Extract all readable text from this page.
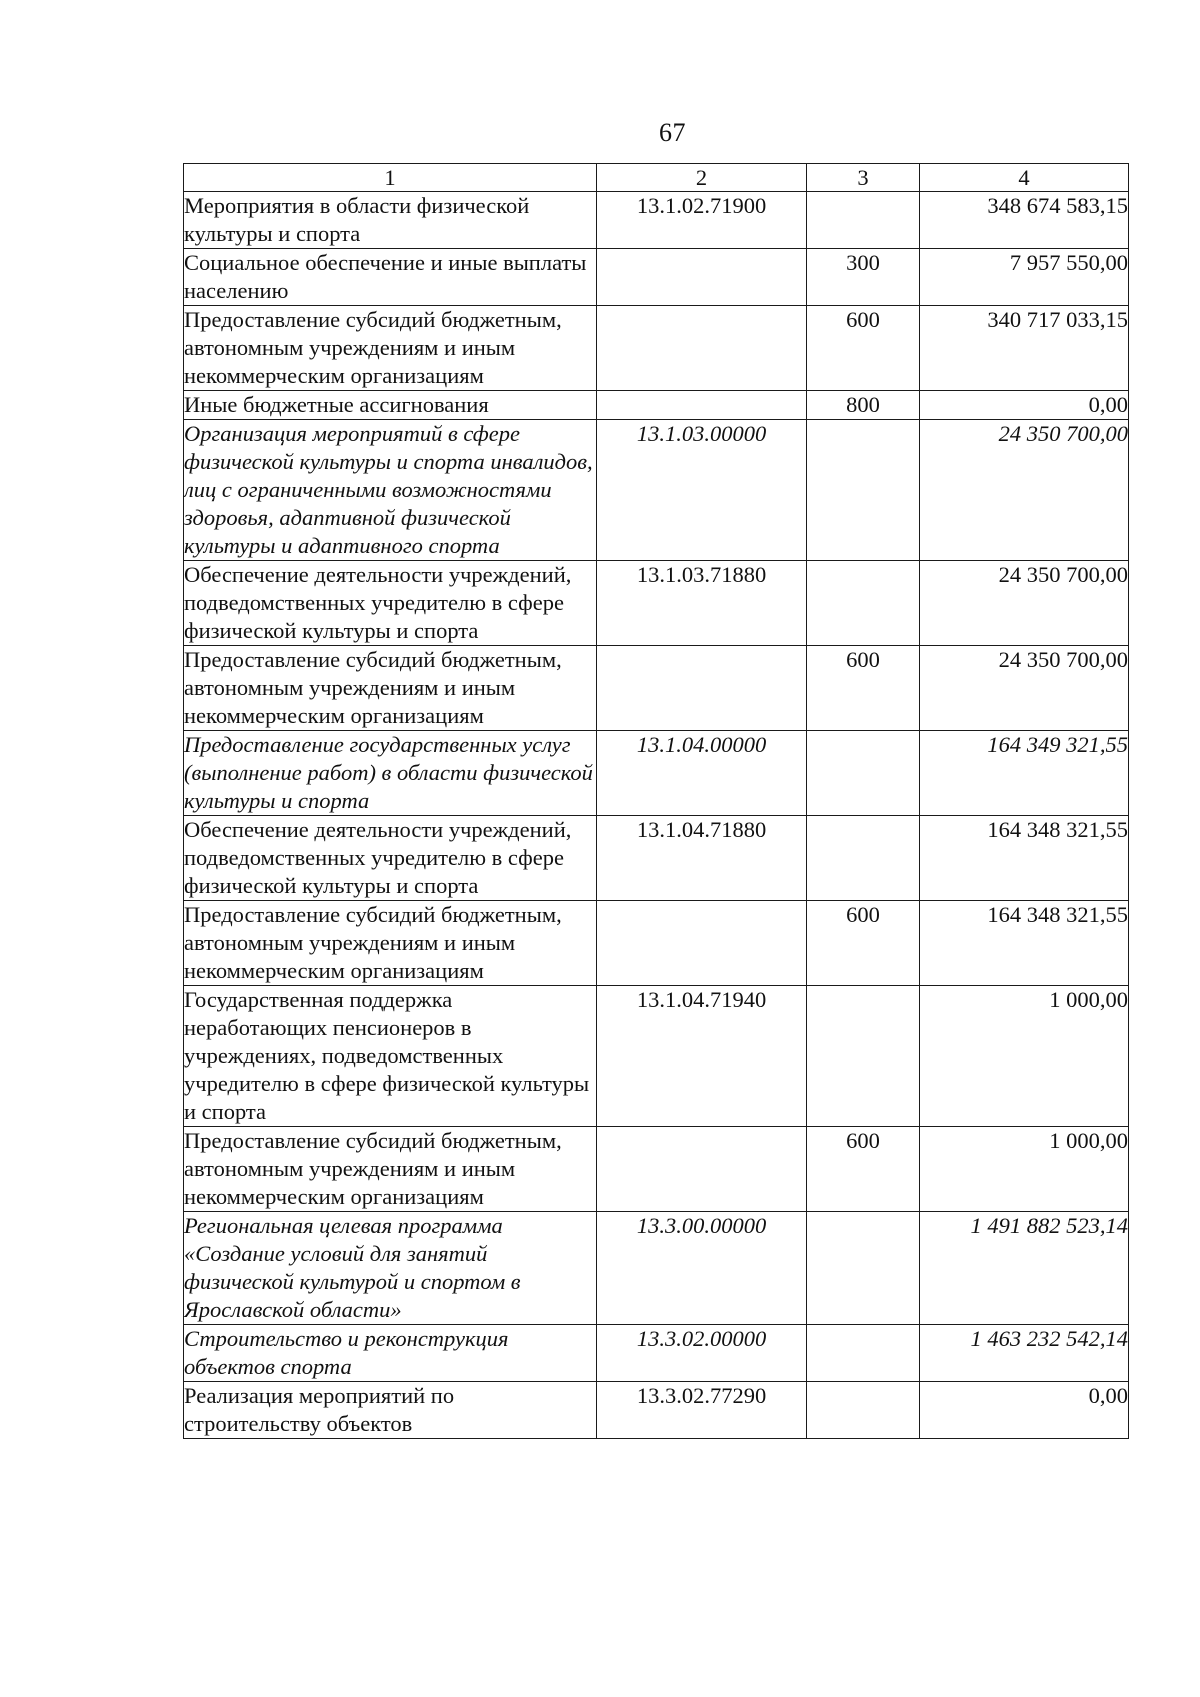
67
1	2	3	4
Мероприятия в области физической культуры и спорта	13.1.02.71900		348 674 583,15
Социальное обеспечение и иные выплаты населению		300	7 957 550,00
Предоставление субсидий бюджетным, автономным учреждениям и иным некоммерческим организациям		600	340 717 033,15
Иные бюджетные ассигнования		800	0,00
Организация мероприятий в сфере физической культуры и спорта инвалидов, лиц с ограниченными возможностями здоровья, адаптивной физической культуры и адаптивного спорта	13.1.03.00000		24 350 700,00
Обеспечение деятельности учреждений, подведомственных учредителю в сфере физической культуры и спорта	13.1.03.71880		24 350 700,00
Предоставление субсидий бюджетным, автономным учреждениям и иным некоммерческим организациям		600	24 350 700,00
Предоставление государственных услуг (выполнение работ) в области физической культуры и спорта	13.1.04.00000		164 349 321,55
Обеспечение деятельности учреждений, подведомственных учредителю в сфере физической культуры и спорта	13.1.04.71880		164 348 321,55
Предоставление субсидий бюджетным, автономным учреждениям и иным некоммерческим организациям		600	164 348 321,55
Государственная поддержка неработающих пенсионеров в учреждениях, подведомственных учредителю в сфере физической культуры и спорта	13.1.04.71940		1 000,00
Предоставление субсидий бюджетным, автономным учреждениям и иным некоммерческим организациям		600	1 000,00
Региональная целевая программа «Создание условий для занятий физической культурой и спортом в Ярославской области»	13.3.00.00000		1 491 882 523,14
Строительство и реконструкция объектов спорта	13.3.02.00000		1 463 232 542,14
Реализация мероприятий по строительству объектов	13.3.02.77290		0,00
